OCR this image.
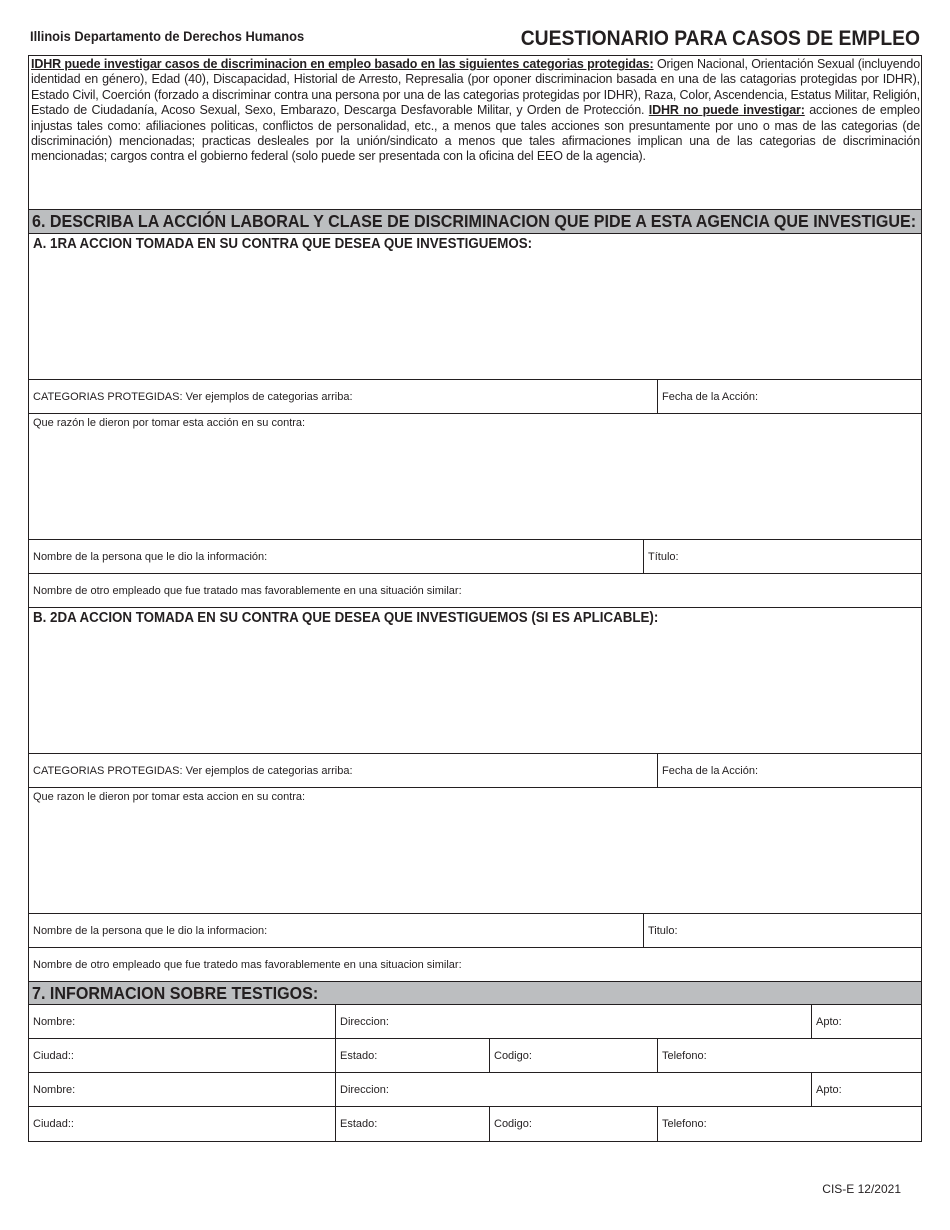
Illinois Departamento de Derechos Humanos	CUESTIONARIO PARA CASOS DE EMPLEO
IDHR puede investigar casos de discriminacion en empleo basado en las siguientes categorias protegidas: Origen Nacional, Orientación Sexual (incluyendo identidad en género), Edad (40), Discapacidad, Historial de Arresto, Represalia (por oponer discriminacion basada en una de las catagorias protegidas por IDHR), Estado Civil, Coerción (forzado a discriminar contra una persona por una de las categorias protegidas por IDHR), Raza, Color, Ascendencia, Estatus Militar, Religión, Estado de Ciudadanía, Acoso Sexual, Sexo, Embarazo, Descarga Desfavorable Militar, y Orden de Protección. IDHR no puede investigar: acciones de empleo injustas tales como: afiliaciones politicas, conflictos de personalidad, etc., a menos que tales acciones son presuntamente por uno o mas de las categorias (de discriminación) mencionadas; practicas desleales por la unión/sindicato a menos que tales afirmaciones implican una de las categorias de discriminación mencionadas; cargos contra el gobierno federal (solo puede ser presentada con la oficina del EEO de la agencia).
6. DESCRIBA LA ACCIÓN LABORAL Y CLASE DE DISCRIMINACION QUE PIDE A ESTA AGENCIA QUE INVESTIGUE:
A. 1RA ACCION TOMADA EN SU CONTRA QUE DESEA QUE INVESTIGUEMOS:
CATEGORIAS PROTEGIDAS: Ver ejemplos de categorias arriba:	Fecha de la Acción:
Que razón le dieron por tomar esta acción en su contra:
Nombre de la persona que le dio la información:	Título:
Nombre de otro empleado que fue tratado mas favorablemente en una situación similar:
B. 2DA ACCION TOMADA EN SU CONTRA QUE DESEA QUE INVESTIGUEMOS (SI ES APLICABLE):
CATEGORIAS PROTEGIDAS: Ver ejemplos de categorias arriba:	Fecha de la Acción:
Que razon le dieron por tomar esta accion en su contra:
Nombre de la persona que le dio la informacion:	Titulo:
Nombre de otro empleado que fue tratedo mas favorablemente en una situacion similar:
7. INFORMACION SOBRE TESTIGOS:
Nombre:	Direccion:	Apto:
Ciudad::	Estado:	Codigo:	Telefono:
Nombre:	Direccion:	Apto:
Ciudad::	Estado:	Codigo:	Telefono:
CIS-E 12/2021
